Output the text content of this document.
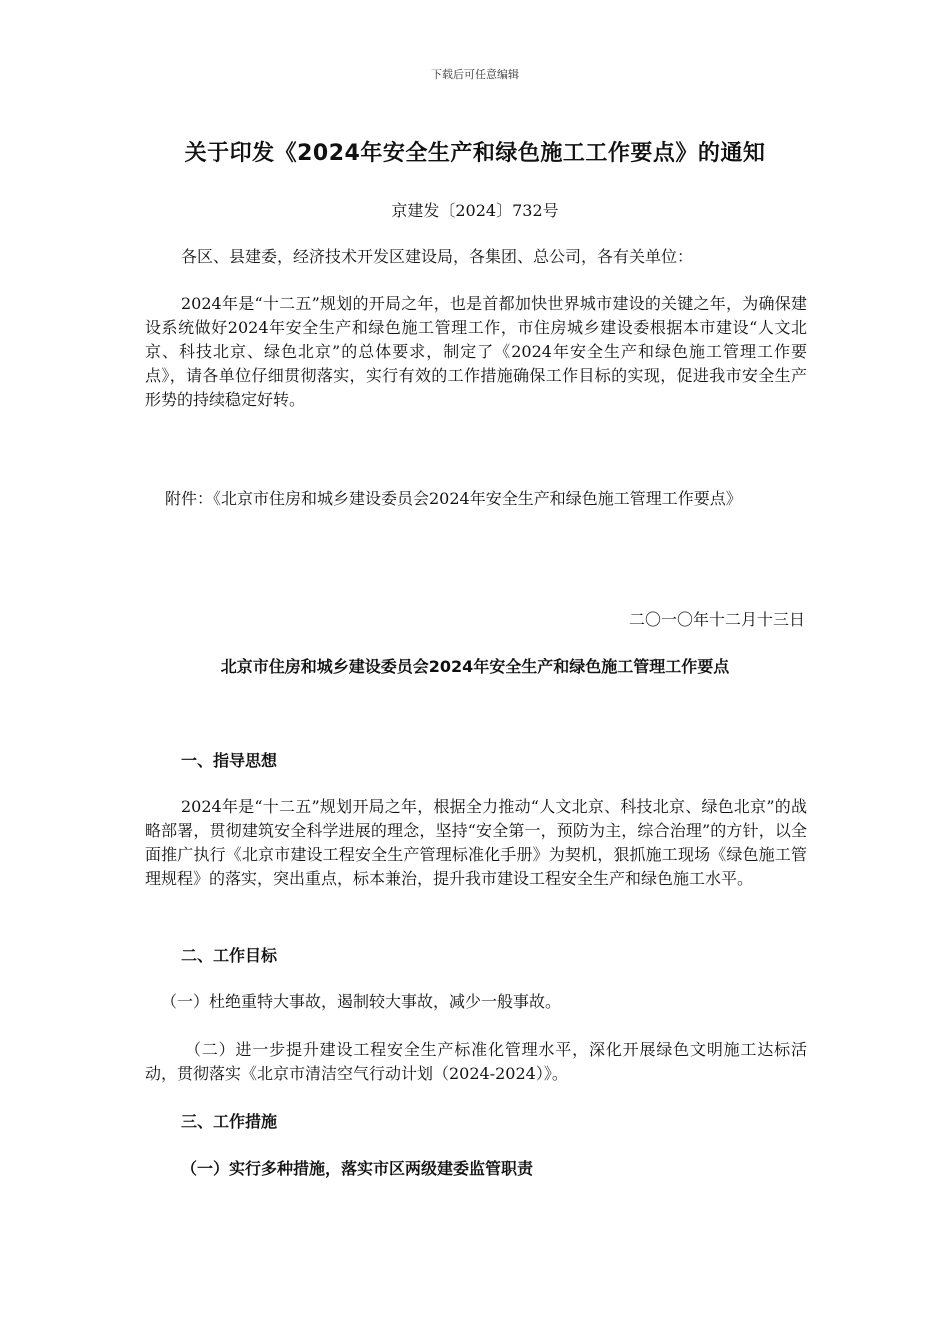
下载后可任意编辑
关于印发《2024年安全生产和绿色施工工作要点》的通知
京建发〔2024〕732号
各区、县建委，经济技术开发区建设局，各集团、总公司，各有关单位：
2024年是“十二五”规划的开局之年，也是首都加快世界城市建设的关键之年，为确保建设系统做好2024年安全生产和绿色施工管理工作，市住房城乡建设委根据本市建设“人文北京、科技北京、绿色北京”的总体要求，制定了《2024年安全生产和绿色施工管理工作要点》，请各单位仔细贯彻落实，实行有效的工作措施确保工作目标的实现，促进我市安全生产形势的持续稳定好转。
附件：《北京市住房和城乡建设委员会2024年安全生产和绿色施工管理工作要点》
二〇一〇年十二月十三日
北京市住房和城乡建设委员会2024年安全生产和绿色施工管理工作要点
一、指导思想
2024年是“十二五”规划开局之年，根据全力推动“人文北京、科技北京、绿色北京”的战略部署，贯彻建筑安全科学进展的理念，坚持“安全第一，预防为主，综合治理”的方针，以全面推广执行《北京市建设工程安全生产管理标准化手册》为契机，狠抓施工现场《绿色施工管理规程》的落实，突出重点，标本兼治，提升我市建设工程安全生产和绿色施工水平。
二、工作目标
（一）杜绝重特大事故，遏制较大事故，减少一般事故。
（二）进一步提升建设工程安全生产标准化管理水平，深化开展绿色文明施工达标活动，贯彻落实《北京市清洁空气行动计划（2024-2024）》。
三、工作措施
（一）实行多种措施，落实市区两级建委监管职责
